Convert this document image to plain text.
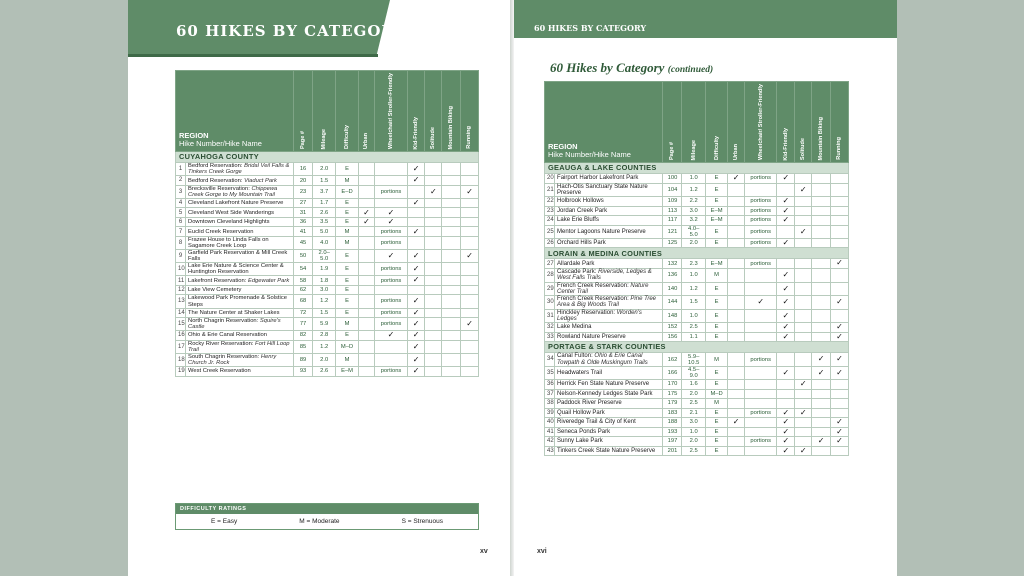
60 HIKES BY CATEGORY
REGION
Hike Number/Hike Name		Page #	Mileage	Difficulty	Urban	Wheelchair/ Stroller-Friendly	Kid-Friendly	Solitude	Mountain Biking	Running

CUYAHOGA COUNTY										
1	Bedford Reservation: Bridal Veil Falls & Tinkers Creek Gorge	16	2.0	E			✓			
2	Bedford Reservation: Viaduct Park	20	1.5	M			✓			
3	Brecksville Reservation: Chippewa Creek Gorge to My Mountain Trail	23	3.7	E–D		portions		✓		✓
4	Cleveland Lakefront Nature Preserve	27	1.7	E			✓			
5	Cleveland West Side Wanderings	31	2.6	E	✓	✓				
6	Downtown Cleveland Highlights	36	3.5	E	✓	✓				
7	Euclid Creek Reservation	41	5.0	M		portions	✓			
8	Frazee House to Linda Falls on Sagamore Creek Loop	45	4.0	M		portions				
9	Garfield Park Reservation & Mill Creek Falls	50	2.0–5.0	E		✓	✓			✓
10	Lake Erie Nature & Science Center & Huntington Reservation	54	1.9	E		portions	✓			
11	Lakefront Reservation: Edgewater Park	58	1.8	E		portions	✓			
12	Lake View Cemetery	62	3.0	E						
13	Lakewood Park Promenade & Solstice Steps	68	1.2	E		portions	✓			
14	The Nature Center at Shaker Lakes	72	1.5	E		portions	✓			
15	North Chagrin Reservation: Squire's Castle	77	5.9	M		portions	✓			✓
16	Ohio & Erie Canal Reservation	82	2.8	E		✓	✓			
17	Rocky River Reservation: Fort Hill Loop Trail	85	1.2	M–D			✓			
18	South Chagrin Reservation: Henry Church Jr. Rock	89	2.0	M			✓			
19	West Creek Reservation	93	2.6	E–M		portions	✓			
DIFFICULTY RATINGS
E = Easy	M = Moderate	S = Strenuous
xv
60 HIKES BY CATEGORY
60 Hikes by Category (continued)
REGION
Hike Number/Hike Name		Page #	Mileage	Difficulty	Urban	Wheelchair/ Stroller-Friendly	Kid-Friendly	Solitude	Mountain Biking	Running

GEAUGA & LAKE COUNTIES										
20	Fairport Harbor Lakefront Park	100	1.0	E	✓	portions	✓			
21	Hach-Otis Sanctuary State Nature Preserve	104	1.2	E				✓		
22	Holbrook Hollows	109	2.2	E		portions	✓			
23	Jordan Creek Park	113	3.0	E–M		portions	✓			
24	Lake Erie Bluffs	117	3.2	E–M		portions	✓			
25	Mentor Lagoons Nature Preserve	121	4.0–5.0	E		portions		✓		
26	Orchard Hills Park	125	2.0	E		portions	✓			
LORAIN & MEDINA COUNTIES										
27	Allardale Park	132	2.3	E–M		portions				✓
28	Cascade Park: Riverside, Ledges & West Falls Trails	136	1.0	M			✓			
29	French Creek Reservation: Nature Center Trail	140	1.2	E			✓			
30	French Creek Reservation: Pine Tree Area & Big Woods Trail	144	1.5	E		✓	✓			✓
31	Hinckley Reservation: Worden's Ledges	148	1.0	E			✓			
32	Lake Medina	152	2.5	E			✓			✓
33	Rowland Nature Preserve	156	1.1	E			✓			✓
PORTAGE & STARK COUNTIES										
34	Canal Fulton: Ohio & Erie Canal Towpath & Olde Muskingum Trails	162	5.9–10.5	M		portions			✓	✓
35	Headwaters Trail	166	4.5–9.0	E			✓		✓	✓
36	Herrick Fen State Nature Preserve	170	1.6	E				✓		
37	Nelson-Kennedy Ledges State Park	175	2.0	M–D						
38	Paddock River Preserve	179	2.5	M						
39	Quail Hollow Park	183	2.1	E		portions	✓	✓		
40	Riveredge Trail & City of Kent	188	3.0	E	✓		✓			✓
41	Seneca Ponds Park	193	1.0	E			✓			✓
42	Sunny Lake Park	197	2.0	E		portions	✓		✓	✓
43	Tinkers Creek State Nature Preserve	201	2.5	E			✓	✓		
xvi
